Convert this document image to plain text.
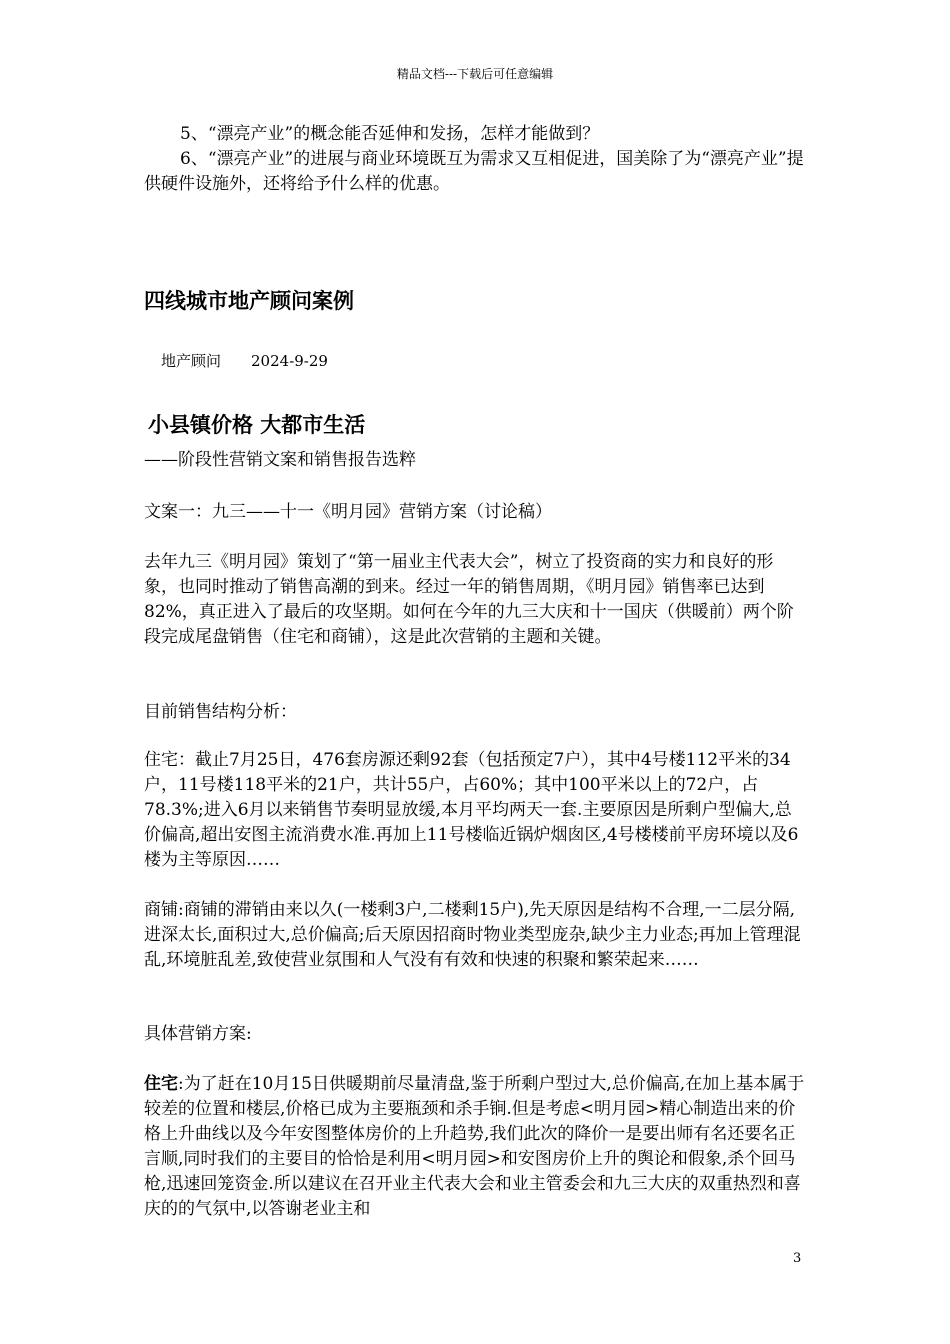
精品文档---下载后可任意编辑

5、“漂亮产业”的概念能否延伸和发扬，怎样才能做到？

6、“漂亮产业”的进展与商业环境既互为需求又互相促进，国美除了为“漂亮产业”提供硬件设施外，还将给予什么样的优惠。

四线城市地产顾问案例
地产顾问 2024-9-29
小县镇价格 大都市生活

——阶段性营销文案和销售报告选粹

文案一：九三——十一《明月园》营销方案（讨论稿）

去年九三《明月园》策划了“第一届业主代表大会”，树立了投资商的实力和良好的形象，也同时推动了销售高潮的到来。经过一年的销售周期，《明月园》销售率已达到82%，真正进入了最后的攻坚期。如何在今年的九三大庆和十一国庆（供暖前）两个阶段完成尾盘销售（住宅和商铺），这是此次营销的主题和关键。

目前销售结构分析：

住宅：截止7月25日，476套房源还剩92套（包括预定7户），其中4号楼112平米的34户，11号楼118平米的21户，共计55户，占60%；其中100平米以上的72户，占78.3%;进入6月以来销售节奏明显放缓,本月平均两天一套.主要原因是所剩户型偏大,总价偏高,超出安图主流消费水准.再加上11号楼临近锅炉烟囱区,4号楼楼前平房环境以及6楼为主等原因……

商铺:商铺的滞销由来以久(一楼剩3户,二楼剩15户),先天原因是结构不合理,一二层分隔,进深太长,面积过大,总价偏高;后天原因招商时物业类型庞杂,缺少主力业态;再加上管理混乱,环境脏乱差,致使营业氛围和人气没有有效和快速的积聚和繁荣起来……

具体营销方案:

住宅:为了赶在10月15日供暖期前尽量清盘,鉴于所剩户型过大,总价偏高,在加上基本属于较差的位置和楼层,价格已成为主要瓶颈和杀手锏.但是考虑<明月园>精心制造出来的价格上升曲线以及今年安图整体房价的上升趋势,我们此次的降价一是要出师有名还要名正言顺,同时我们的主要目的恰恰是利用<明月园>和安图房价上升的舆论和假象,杀个回马枪,迅速回笼资金.所以建议在召开业主代表大会和业主管委会和九三大庆的双重热烈和喜庆的的气氛中,以答谢老业主和

3
